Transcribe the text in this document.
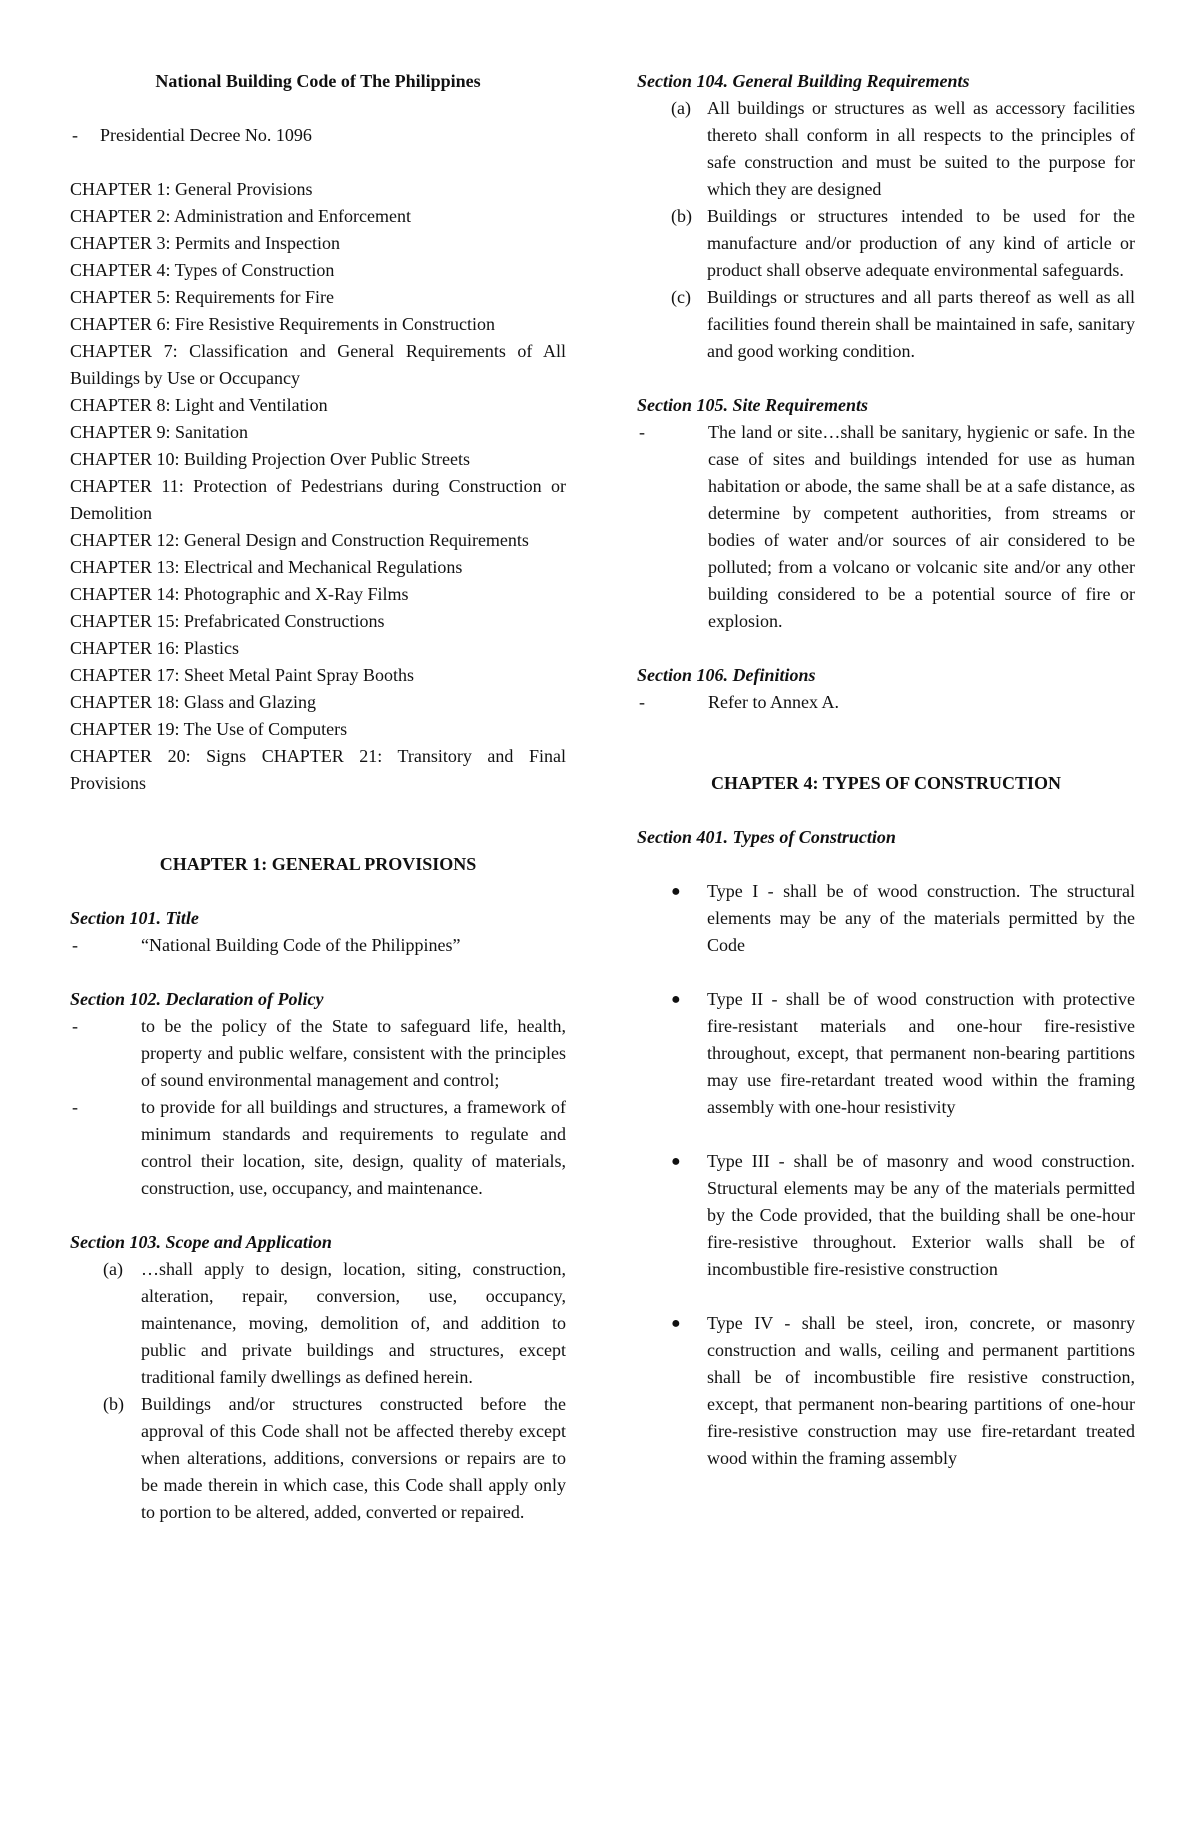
National Building Code of The Philippines
-	Presidential Decree No. 1096
CHAPTER 1: General Provisions
CHAPTER 2: Administration and Enforcement
CHAPTER 3: Permits and Inspection
CHAPTER 4: Types of Construction
CHAPTER 5: Requirements for Fire
CHAPTER 6: Fire Resistive Requirements in Construction
CHAPTER 7: Classification and General Requirements of All Buildings by Use or Occupancy
CHAPTER 8: Light and Ventilation
CHAPTER 9: Sanitation
CHAPTER 10: Building Projection Over Public Streets
CHAPTER 11: Protection of Pedestrians during Construction or Demolition
CHAPTER 12: General Design and Construction Requirements
CHAPTER 13: Electrical and Mechanical Regulations
CHAPTER 14: Photographic and X-Ray Films
CHAPTER 15: Prefabricated Constructions
CHAPTER 16: Plastics
CHAPTER 17: Sheet Metal Paint Spray Booths
CHAPTER 18: Glass and Glazing
CHAPTER 19: The Use of Computers
CHAPTER 20: Signs CHAPTER 21: Transitory and Final Provisions
CHAPTER 1: GENERAL PROVISIONS
Section 101. Title
-	“National Building Code of the Philippines”
Section 102. Declaration of Policy
-	to be the policy of the State to safeguard life, health, property and public welfare, consistent with the principles of sound environmental management and control;
-	to provide for all buildings and structures, a framework of minimum standards and requirements to regulate and control their location, site, design, quality of materials, construction, use, occupancy, and maintenance.
Section 103. Scope and Application
(a)	…shall apply to design, location, siting, construction, alteration, repair, conversion, use, occupancy, maintenance, moving, demolition of, and addition to public and private buildings and structures, except traditional family dwellings as defined herein.
(b) Buildings and/or structures constructed before the approval of this Code shall not be affected thereby except when alterations, additions, conversions or repairs are to be made therein in which case, this Code shall apply only to portion to be altered, added, converted or repaired.
Section 104. General Building Requirements
(a) All buildings or structures as well as accessory facilities thereto shall conform in all respects to the principles of safe construction and must be suited to the purpose for which they are designed
(b) Buildings or structures intended to be used for the manufacture and/or production of any kind of article or product shall observe adequate environmental safeguards.
(c) Buildings or structures and all parts thereof as well as all facilities found therein shall be maintained in safe, sanitary and good working condition.
Section 105. Site Requirements
-	The land or site…shall be sanitary, hygienic or safe. In the case of sites and buildings intended for use as human habitation or abode, the same shall be at a safe distance, as determine by competent authorities, from streams or bodies of water and/or sources of air considered to be polluted; from a volcano or volcanic site and/or any other building considered to be a potential source of fire or explosion.
Section 106. Definitions
-	Refer to Annex A.
CHAPTER 4: TYPES OF CONSTRUCTION
Section 401. Types of Construction
●	Type I - shall be of wood construction. The structural elements may be any of the materials permitted by the Code
●	Type II - shall be of wood construction with protective fire-resistant materials and one-hour fire-resistive throughout, except, that permanent non-bearing partitions may use fire-retardant treated wood within the framing assembly with one-hour resistivity
●	Type III - shall be of masonry and wood construction. Structural elements may be any of the materials permitted by the Code provided, that the building shall be one-hour fire-resistive throughout. Exterior walls shall be of incombustible fire-resistive construction
●	Type IV - shall be steel, iron, concrete, or masonry construction and walls, ceiling and permanent partitions shall be of incombustible fire resistive construction, except, that permanent non-bearing partitions of one-hour fire-resistive construction may use fire-retardant treated wood within the framing assembly
